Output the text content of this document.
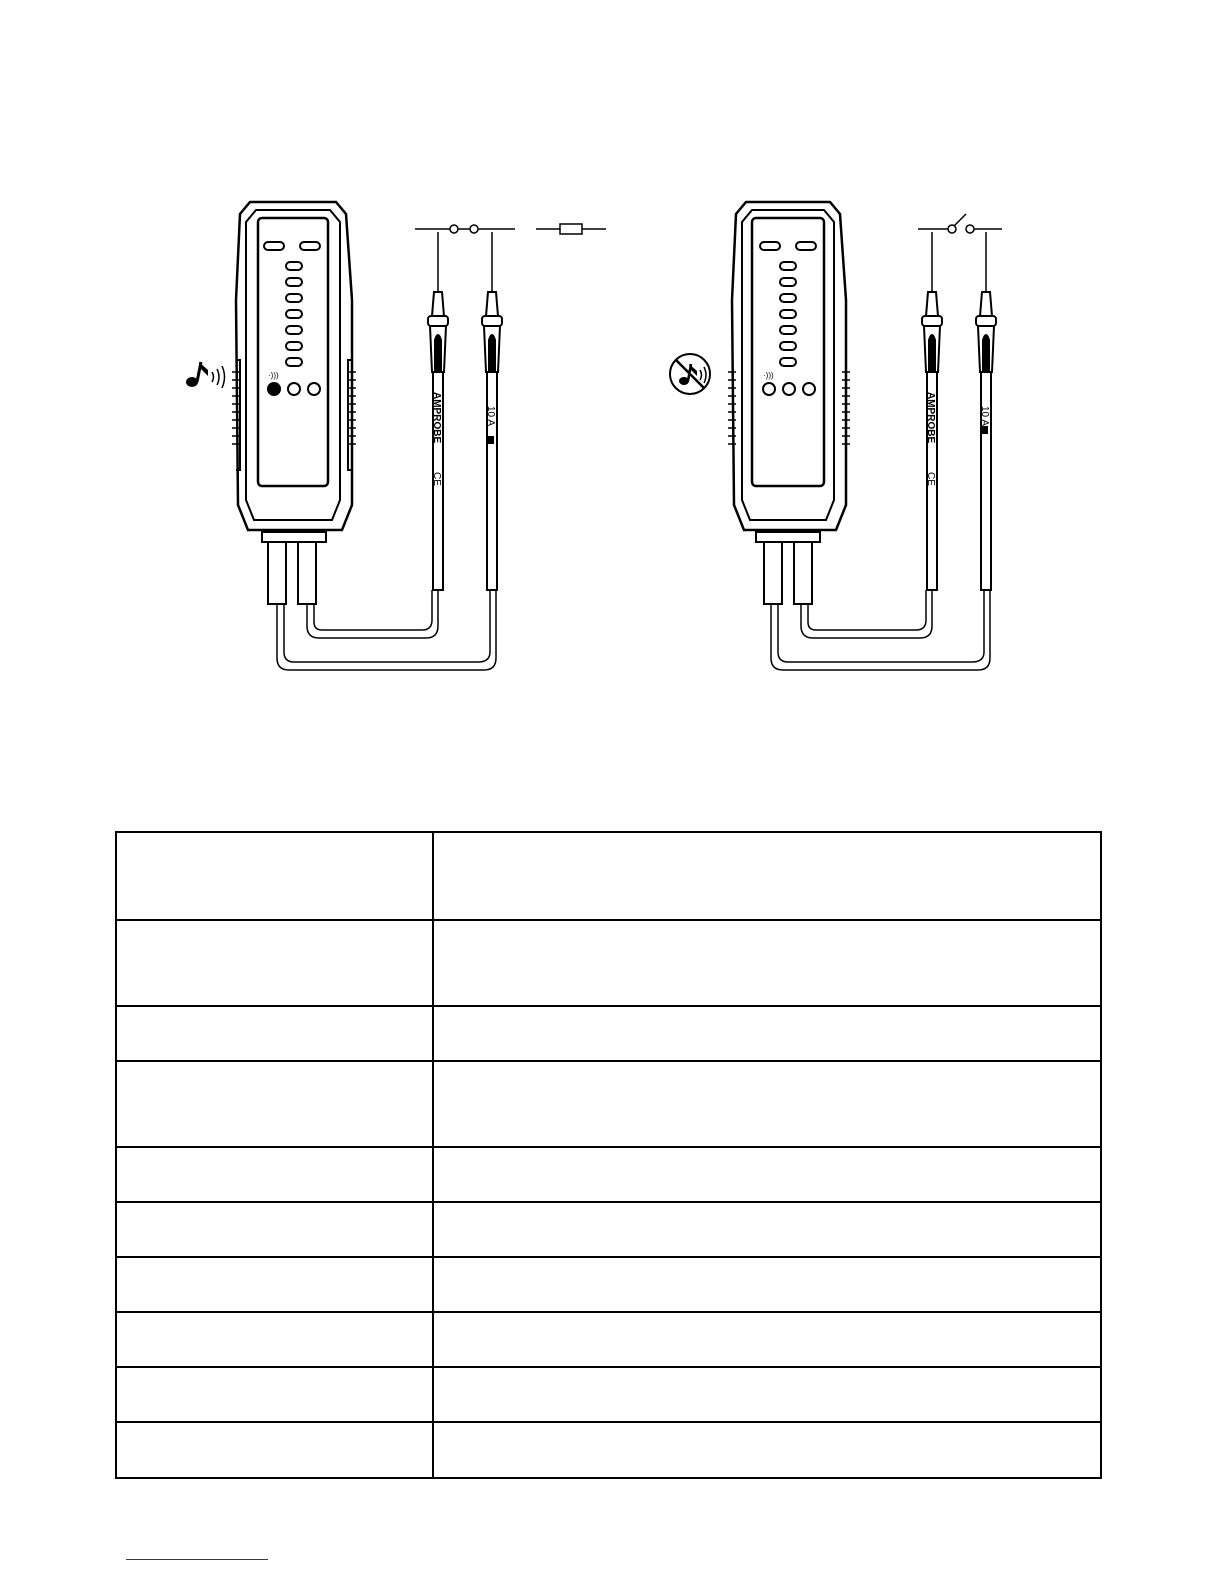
·)))
AMPROBE	10 A
CE
·)))
AMPROBE	10 A
CE
